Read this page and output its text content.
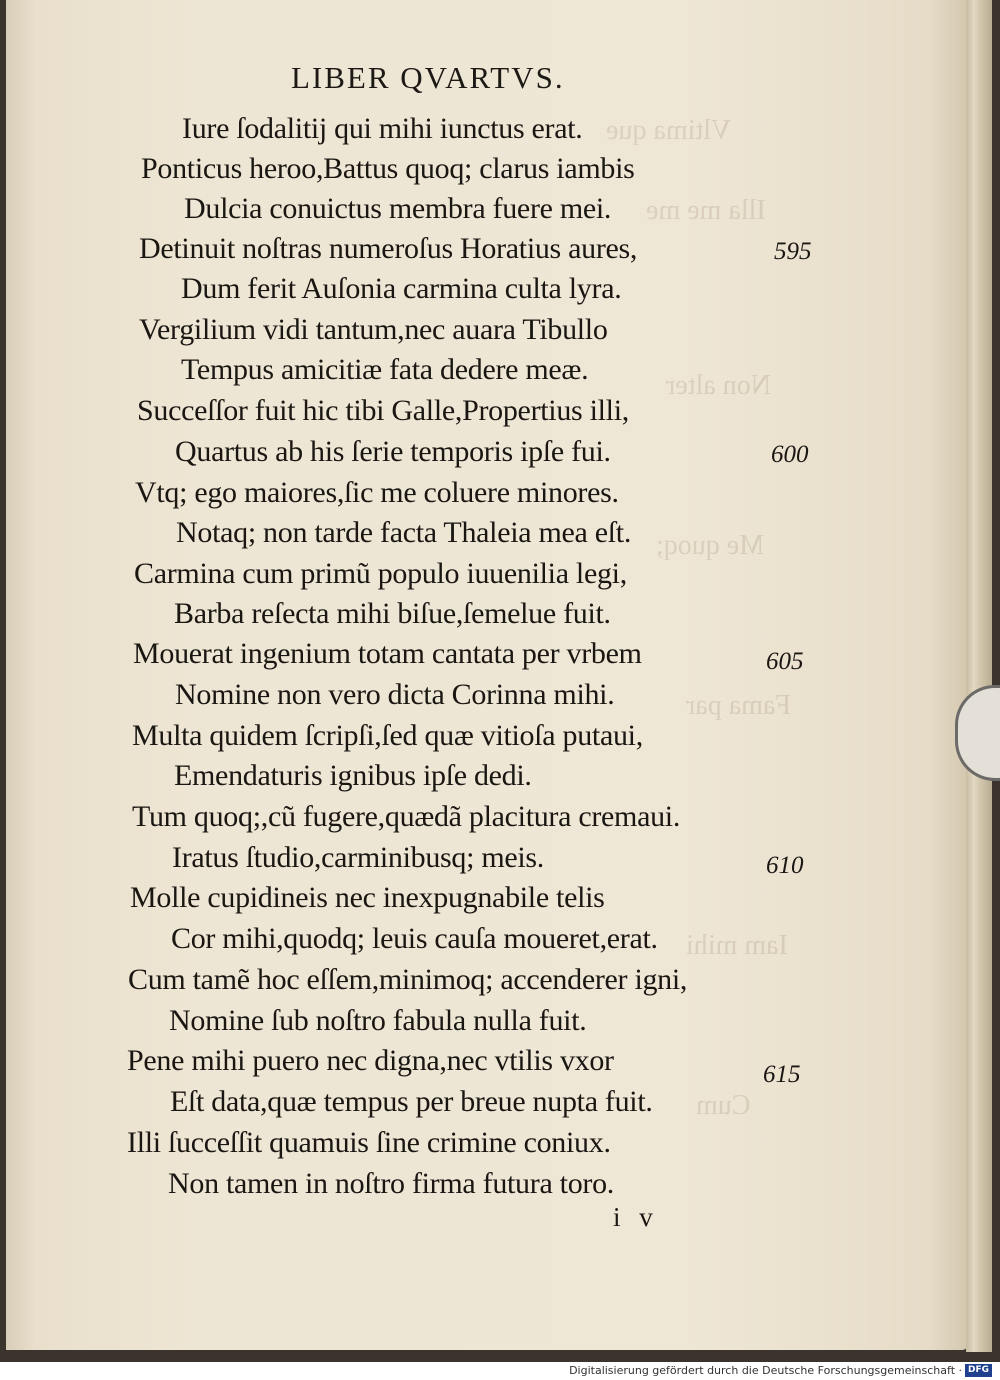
Vltima que
Illa me me
Non alter
Me quoq;
Fama par
Iam mihi
Cum
LIBER QVARTVS.
Iure ſodalitij qui mihi iunctus erat.
Ponticus heroo,Battus quoq; clarus iambis
Dulcia conuictus membra fuere mei.
Detinuit noſtras numeroſus Horatius aures,
Dum ferit Auſonia carmina culta lyra.
Vergilium vidi tantum,nec auara Tibullo
Tempus amicitiæ fata dedere meæ.
Succeſſor fuit hic tibi Galle,Propertius illi,
Quartus ab his ſerie temporis ipſe fui.
Vtq; ego maiores,ſic me coluere minores.
Notaq; non tarde facta Thaleia mea eſt.
Carmina cum primũ populo iuuenilia legi,
Barba reſecta mihi biſue,ſemelue fuit.
Mouerat ingenium totam cantata per vrbem
Nomine non vero dicta Corinna mihi.
Multa quidem ſcripſi,ſed quæ vitioſa putaui,
Emendaturis ignibus ipſe dedi.
Tum quoq;,cũ fugere,quædã placitura cremaui.
Iratus ſtudio,carminibusq; meis.
Molle cupidineis nec inexpugnabile telis
Cor mihi,quodq; leuis cauſa moueret,erat.
Cum tamẽ hoc eſſem,minimoq; accenderer igni,
Nomine ſub noſtro fabula nulla fuit.
Pene mihi puero nec digna,nec vtilis vxor
Eſt data,quæ tempus per breue nupta fuit.
Illi ſucceſſit quamuis ſine crimine coniux.
Non tamen in noſtro firma futura toro.
595
600
605
610
615
i v
Digitalisierung gefördert durch die Deutsche Forschungsgemeinschaft · DFG
